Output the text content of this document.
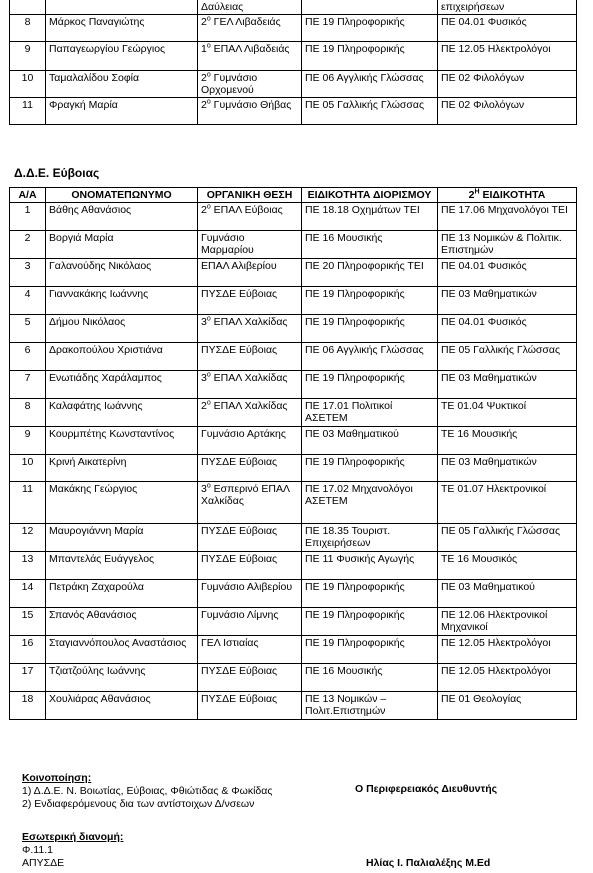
		Δαύλειας		επιχειρήσεων
8	Μάρκος Παναγιώτης	$2^o$ ΓΕΛ Λιβαδειάς	ΠΕ 19 Πληροφορικής	ΠΕ 04.01 Φυσικός
9	Παπαγεωργίου Γεώργιος	$1^o$ ΕΠΑΛ Λιβαδειάς	ΠΕ 19 Πληροφορικής	ΠΕ 12.05 Ηλεκτρολόγοι
10	Ταμαλαλίδου Σοφία	$2^o$ Γυμνάσιο Ορχομενού	ΠΕ 06 Αγγλικής Γλώσσας	ΠΕ 02 Φιλολόγων
11	Φραγκή Μαρία	$2^o$ Γυμνάσιο Θήβας	ΠΕ 05 Γαλλικής Γλώσσας	ΠΕ 02 Φιλολόγων
Δ.Δ.Ε. Εύβοιας
Α/Α	ΟΝΟΜΑΤΕΠΩΝΥΜΟ	ΟΡΓΑΝΙΚΗ ΘΕΣΗ	ΕΙΔΙΚΟΤΗΤΑ ΔΙΟΡΙΣΜΟΥ	$2^H$ ΕΙΔΙΚΟΤΗΤΑ
1	Βάθης Αθανάσιος	$2^o$ ΕΠΑΛ Εύβοιας	ΠΕ 18.18 Οχημάτων ΤΕΙ	ΠΕ 17.06 Μηχανολόγοι ΤΕΙ
2	Βοργιά Μαρία	Γυμνάσιο Μαρμαρίου	ΠΕ 16 Μουσικής	ΠΕ 13 Νομικών & Πολιτικ. Επιστημών
3	Γαλανούδης Νικόλαος	ΕΠΑΛ Αλιβερίου	ΠΕ 20 Πληροφορικής ΤΕΙ	ΠΕ 04.01 Φυσικός
4	Γιαννακάκης Ιωάννης	ΠΥΣΔΕ Εύβοιας	ΠΕ 19 Πληροφορικής	ΠΕ 03 Μαθηματικών
5	Δήμου Νικόλαος	$3^o$ ΕΠΑΛ Χαλκίδας	ΠΕ 19 Πληροφορικής	ΠΕ 04.01 Φυσικός
6	Δρακοπούλου Χριστιάνα	ΠΥΣΔΕ Εύβοιας	ΠΕ 06 Αγγλικής Γλώσσας	ΠΕ 05 Γαλλικής Γλώσσας
7	Ενωτιάδης Χαράλαμπος	$3^o$ ΕΠΑΛ Χαλκίδας	ΠΕ 19 Πληροφορικής	ΠΕ 03 Μαθηματικών
8	Καλαφάτης Ιωάννης	$2^o$ ΕΠΑΛ Χαλκίδας	ΠΕ 17.01 Πολιτικοί ΑΣΕΤΕΜ	ΤΕ 01.04 Ψυκτικοί
9	Κουρμπέτης Κωνσταντίνος	Γυμνάσιο Αρτάκης	ΠΕ 03 Μαθηματικού	ΤΕ 16 Μουσικής
10	Κρινή Αικατερίνη	ΠΥΣΔΕ Εύβοιας	ΠΕ 19 Πληροφορικής	ΠΕ 03 Μαθηματικών
11	Μακάκης Γεώργιος	$3^o$ Εσπερινό ΕΠΑΛ Χαλκίδας	ΠΕ 17.02 Μηχανολόγοι ΑΣΕΤΕΜ	ΤΕ 01.07 Ηλεκτρονικοί
12	Μαυρογιάννη Μαρία	ΠΥΣΔΕ Εύβοιας	ΠΕ 18.35 Τουριστ. Επιχειρήσεων	ΠΕ 05 Γαλλικής Γλώσσας
13	Μπαντελάς Ευάγγελος	ΠΥΣΔΕ Εύβοιας	ΠΕ 11 Φυσικής Αγωγής	ΤΕ 16 Μουσικός
14	Πετράκη Ζαχαρούλα	Γυμνάσιο Αλιβερίου	ΠΕ 19 Πληροφορικής	ΠΕ 03 Μαθηματικού
15	Σπανός Αθανάσιος	Γυμνάσιο Λίμνης	ΠΕ 19 Πληροφορικής	ΠΕ 12.06 Ηλεκτρονικοί Μηχανικοί
16	Σταγιαννόπουλος Αναστάσιος	ΓΕΛ Ιστιαίας	ΠΕ 19 Πληροφορικής	ΠΕ 12.05 Ηλεκτρολόγοι
17	Τζιατζούλης Ιωάννης	ΠΥΣΔΕ Εύβοιας	ΠΕ 16 Μουσικής	ΠΕ 12.05 Ηλεκτρολόγοι
18	Χουλιάρας Αθανάσιος	ΠΥΣΔΕ Εύβοιας	ΠΕ 13 Νομικών – Πολιτ.Επιστημών	ΠΕ 01 Θεολογίας
Κοινοποίηση:
1) Δ.Δ.Ε. Ν. Βοιωτίας, Εύβοιας, Φθιώτιδας & Φωκίδας
2) Ενδιαφερόμενους δια των αντίστοιχων Δ/νσεων
Ο Περιφερειακός Διευθυντής
Εσωτερική διανομή:
Φ.11.1
ΑΠΥΣΔΕ	Ηλίας Ι. Παλιαλέξης Μ.Ed
